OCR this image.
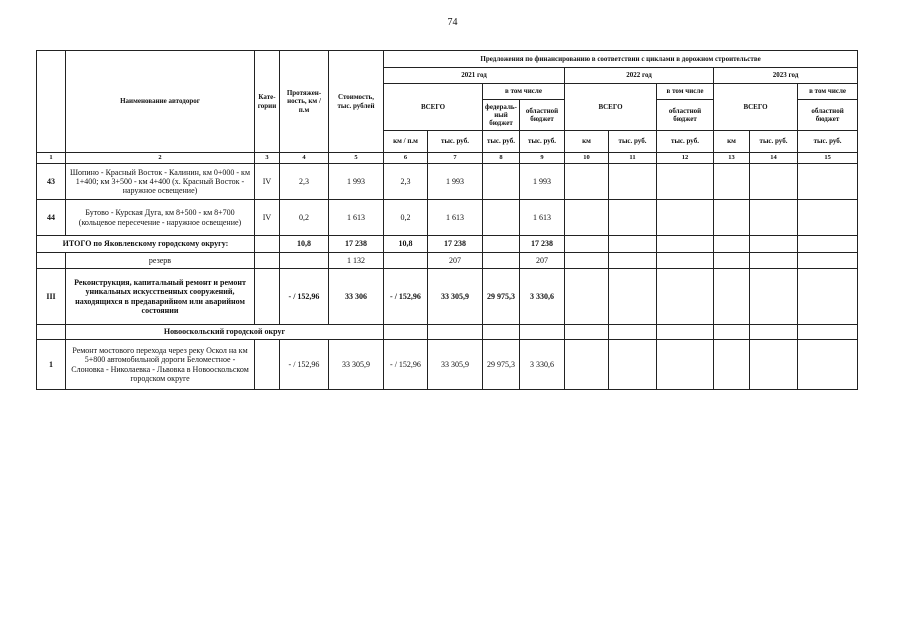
74
	Наименование автодорог	Кате-гории	Протяжен-ность, км / п.м	Стоимость, тыс. рублей	Предложения по финансированию в соответствии с циклами в дорожном строительстве									
					2021 год				2022 год			2023 год		
					ВСЕГО		в том числе		ВСЕГО		в том числе	ВСЕГО		в том числе
							федераль-ный бюджет	областной бюджет			областной бюджет			областной бюджет
					км / п.м	тыс. руб.	тыс. руб.	тыс. руб.	км	тыс. руб.	тыс. руб.	км	тыс. руб.	тыс. руб.
1	2	3	4	5	6	7	8	9	10	11	12	13	14	15
43	Шопино - Красный Восток - Калинин, км 0+000 - км 1+400; км 3+500 - км 4+400 (х. Красный Восток - наружное освещение)	IV	2,3	1 993	2,3	1 993		1 993						
44	Бутово - Курская Дуга, км 8+500 - км 8+700 (кольцевое пересечение - наружное освещение)	IV	0,2	1 613	0,2	1 613		1 613						
ИТОГО по Яковлевскому городскому округу:			10,8	17 238	10,8	17 238		17 238						
	резерв			1 132		207		207						
III	Реконструкция, капитальный ремонт и ремонт уникальных искусственных сооружений, находящихся в предаварийном или аварийном состоянии		- / 152,96	33 306	- / 152,96	33 305,9	29 975,3	3 330,6						
	Новооскольский городской округ													
1	Ремонт мостового перехода через реку Оскол на км 5+800 автомобильной дороги Беломестное - Слоновка - Николаевка - Львовка в Новооскольском городском округе		- / 152,96	33 305,9	- / 152,96	33 305,9	29 975,3	3 330,6						
